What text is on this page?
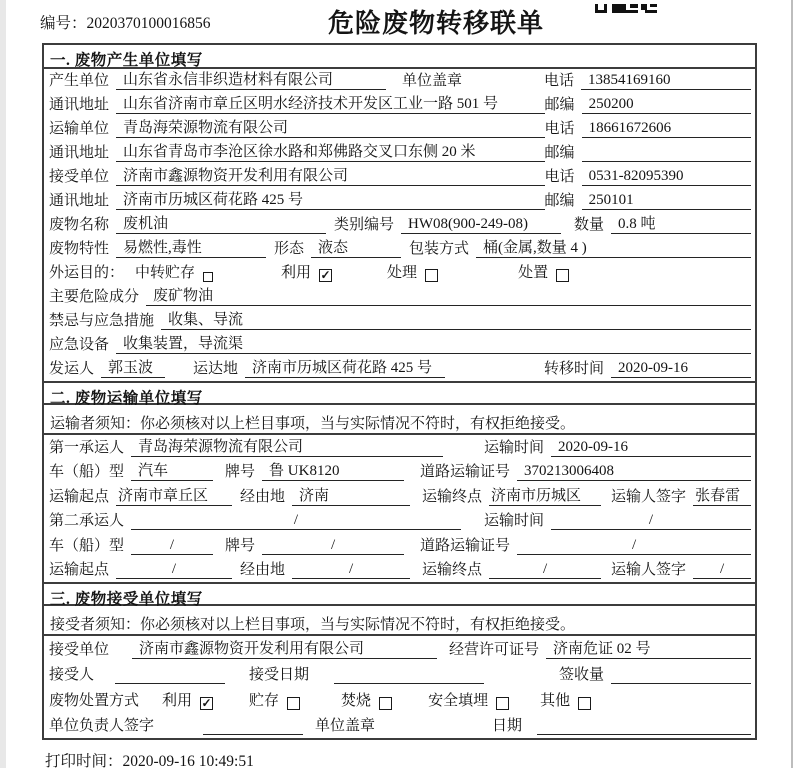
编号：2020370100016856	危险废物转移联单
一. 废物产生单位填写
产生单位 山东省永信非织造材料有限公司	单位盖章	电话 13854169160
通讯地址 山东省济南市章丘区明水经济技术开发区工业一路 501 号	邮编 250200
运输单位 青岛海荣源物流有限公司	电话 18661672606
通讯地址 山东省青岛市李沧区徐水路和郑佛路交叉口东侧 20 米	邮编
接受单位 济南市鑫源物资开发利用有限公司	电话 0531-82095390
通讯地址 济南市历城区荷花路 425 号	邮编 250101
废物名称 废机油	类别编号 HW08(900-249-08)	数量 0.8 吨
废物特性 易燃性,毒性	形态 液态	包装方式 桶(金属,数量 4 )
外运目的： 中转贮存	利用 ✓	处理	处置
主要危险成分 废矿物油
禁忌与应急措施 收集、导流
应急设备 收集装置，导流渠
发运人 郭玉波	运达地 济南市历城区荷花路 425 号	转移时间 2020-09-16
二. 废物运输单位填写
运输者须知：你必须核对以上栏目事项，当与实际情况不符时，有权拒绝接受。
第一承运人 青岛海荣源物流有限公司	运输时间 2020-09-16
车（船）型 汽车	牌号 鲁 UK8120	道路运输证号 370213006408
运输起点 济南市章丘区	经由地 济南	运输终点 济南市历城区	运输人签字 张春雷
第二承运人	/	运输时间	/
车（船）型	/	牌号	/	道路运输证号	/
运输起点	/	经由地	/	运输终点	/	运输人签字	/
三. 废物接受单位填写
接受者须知：你必须核对以上栏目事项，当与实际情况不符时，有权拒绝接受。
接受单位	济南市鑫源物资开发利用有限公司	经营许可证号 济南危证 02 号
接受人	接受日期	签收量
废物处置方式 利用 ✓ 贮存	焚烧	安全填埋	其他
单位负责人签字	单位盖章	日期
打印时间：2020-09-16 10:49:51
